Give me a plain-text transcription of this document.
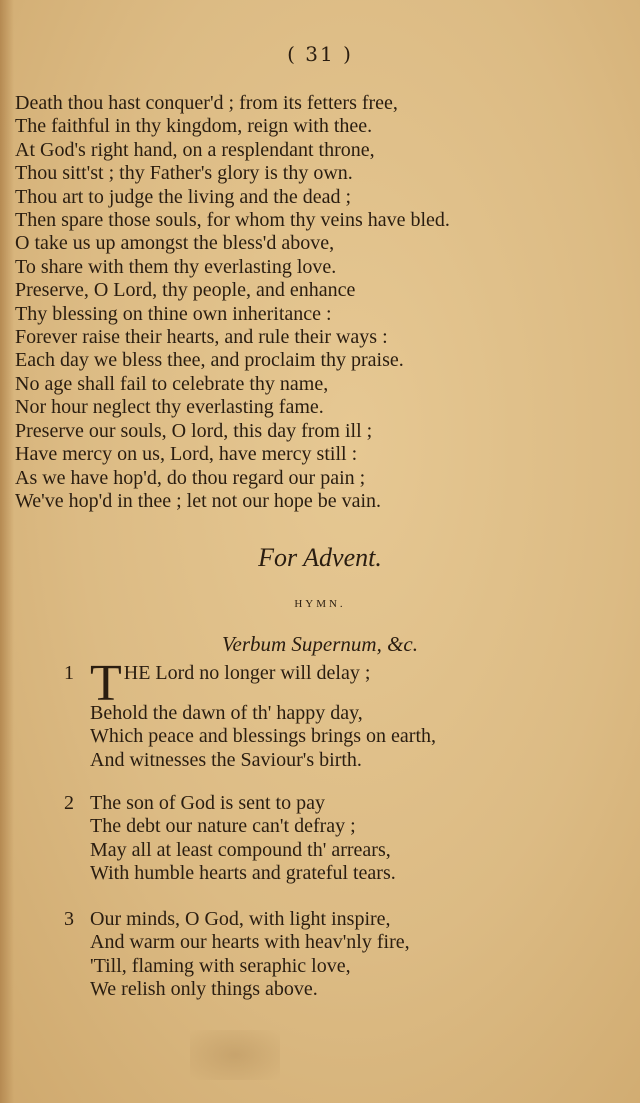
( 31 )
Death thou hast conquer'd ; from its fetters free,
The faithful in thy kingdom, reign with thee.
At God's right hand, on a resplendant throne,
Thou sitt'st ; thy Father's glory is thy own.
Thou art to judge the living and the dead ;
Then spare those souls, for whom thy veins have bled.
O take us up amongst the bless'd above,
To share with them thy everlasting love.
Preserve, O Lord, thy people, and enhance
Thy blessing on thine own inheritance :
Forever raise their hearts, and rule their ways :
Each day we bless thee, and proclaim thy praise.
No age shall fail to celebrate thy name,
Nor hour neglect thy everlasting fame.
Preserve our souls, O lord, this day from ill ;
Have mercy on us, Lord, have mercy still :
As we have hop'd, do thou regard our pain ;
We've hop'd in thee ; let not our hope be vain.
For Advent.
HYMN.
Verbum Supernum, &c.
1 THE Lord no longer will delay ;
Behold the dawn of th' happy day,
Which peace and blessings brings on earth,
And witnesses the Saviour's birth.
2 The son of God is sent to pay
The debt our nature can't defray ;
May all at least compound th' arrears,
With humble hearts and grateful tears.
3 Our minds, O God, with light inspire,
And warm our hearts with heav'nly fire,
'Till, flaming with seraphic love,
We relish only things above.
